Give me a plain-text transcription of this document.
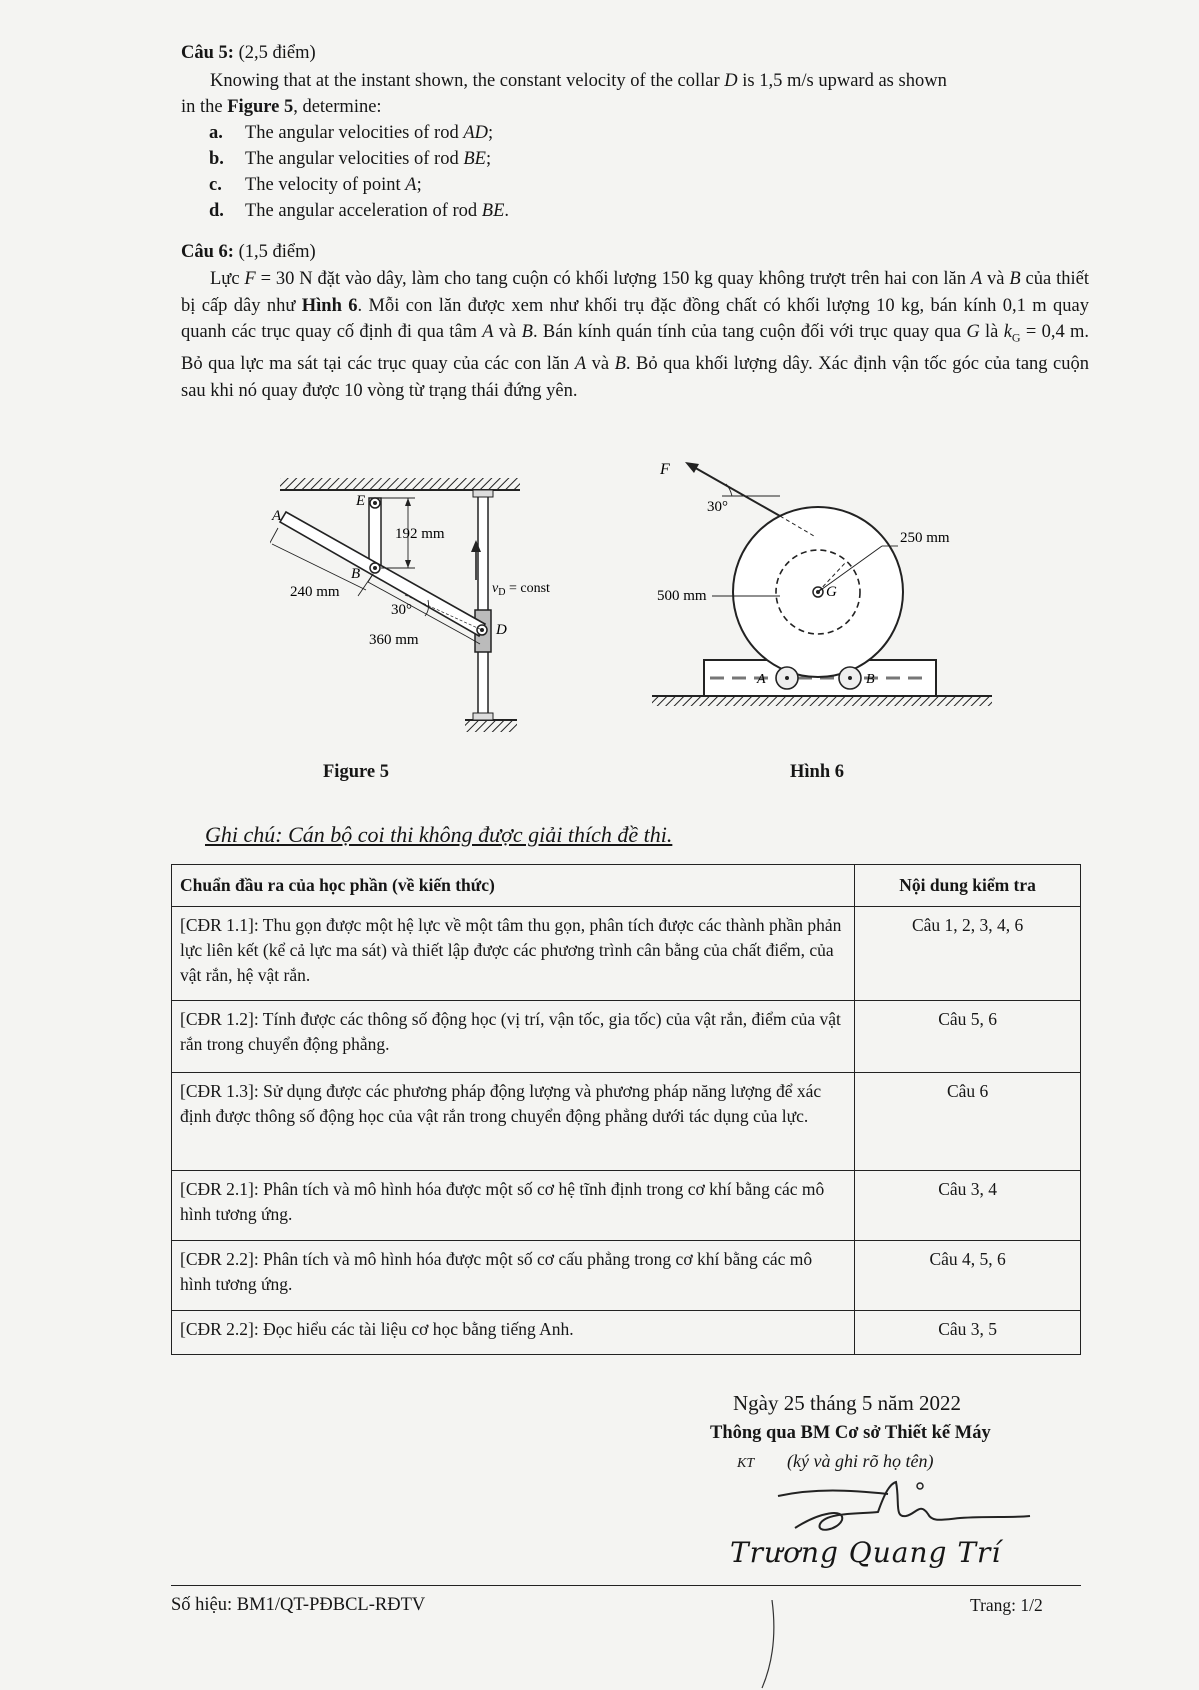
Câu 5: (2,5 điểm)
Knowing that at the instant shown, the constant velocity of the collar D is 1,5 m/s upward as shown
in the Figure 5, determine:
a. The angular velocities of rod AD;
b. The angular velocities of rod BE;
c. The velocity of point A;
d. The angular acceleration of rod BE.
Câu 6: (1,5 điểm)
Lực F = 30 N đặt vào dây, làm cho tang cuộn có khối lượng 150 kg quay không trượt trên hai con lăn A và B của thiết bị cấp dây như Hình 6. Mỗi con lăn được xem như khối trụ đặc đồng chất có khối lượng 10 kg, bán kính 0,1 m quay quanh các trục quay cố định đi qua tâm A và B. Bán kính quán tính của tang cuộn đối với trục quay qua G là $k_G = 0,4$ m. Bỏ qua lực ma sát tại các trục quay của các con lăn A và B. Bỏ qua khối lượng dây. Xác định vận tốc góc của tang cuộn sau khi nó quay được 10 vòng từ trạng thái đứng yên.
E
A
B
D
192 mm
240 mm
360 mm
30°
$v_D$ = const
Figure 5
F
30°
250 mm
500 mm	G
A	B
Hình 6
Ghi chú: Cán bộ coi thi không được giải thích đề thi.
Chuẩn đầu ra của học phần (về kiến thức)	Nội dung kiểm tra
[CĐR 1.1]: Thu gọn được một hệ lực về một tâm thu gọn, phân tích được các thành phần phản lực liên kết (kể cả lực ma sát) và thiết lập được các phương trình cân bằng của chất điểm, của vật rắn, hệ vật rắn.	Câu 1, 2, 3, 4, 6
[CĐR 1.2]: Tính được các thông số động học (vị trí, vận tốc, gia tốc) của vật rắn, điểm của vật rắn trong chuyển động phẳng.	Câu 5, 6
[CĐR 1.3]: Sử dụng được các phương pháp động lượng và phương pháp năng lượng để xác định được thông số động học của vật rắn trong chuyển động phẳng dưới tác dụng của lực.	Câu 6
[CĐR 2.1]: Phân tích và mô hình hóa được một số cơ hệ tĩnh định trong cơ khí bằng các mô hình tương ứng.	Câu 3, 4
[CĐR 2.2]: Phân tích và mô hình hóa được một số cơ cấu phẳng trong cơ khí bằng các mô hình tương ứng.	Câu 4, 5, 6
[CĐR 2.2]: Đọc hiểu các tài liệu cơ học bằng tiếng Anh.	Câu 3, 5
Ngày 25 tháng 5 năm 2022
Thông qua BM Cơ sở Thiết kế Máy
KT (ký và ghi rõ họ tên)
Trương Quang Trí
Số hiệu: BM1/QT-PĐBCL-RĐTV	Trang: 1/2
